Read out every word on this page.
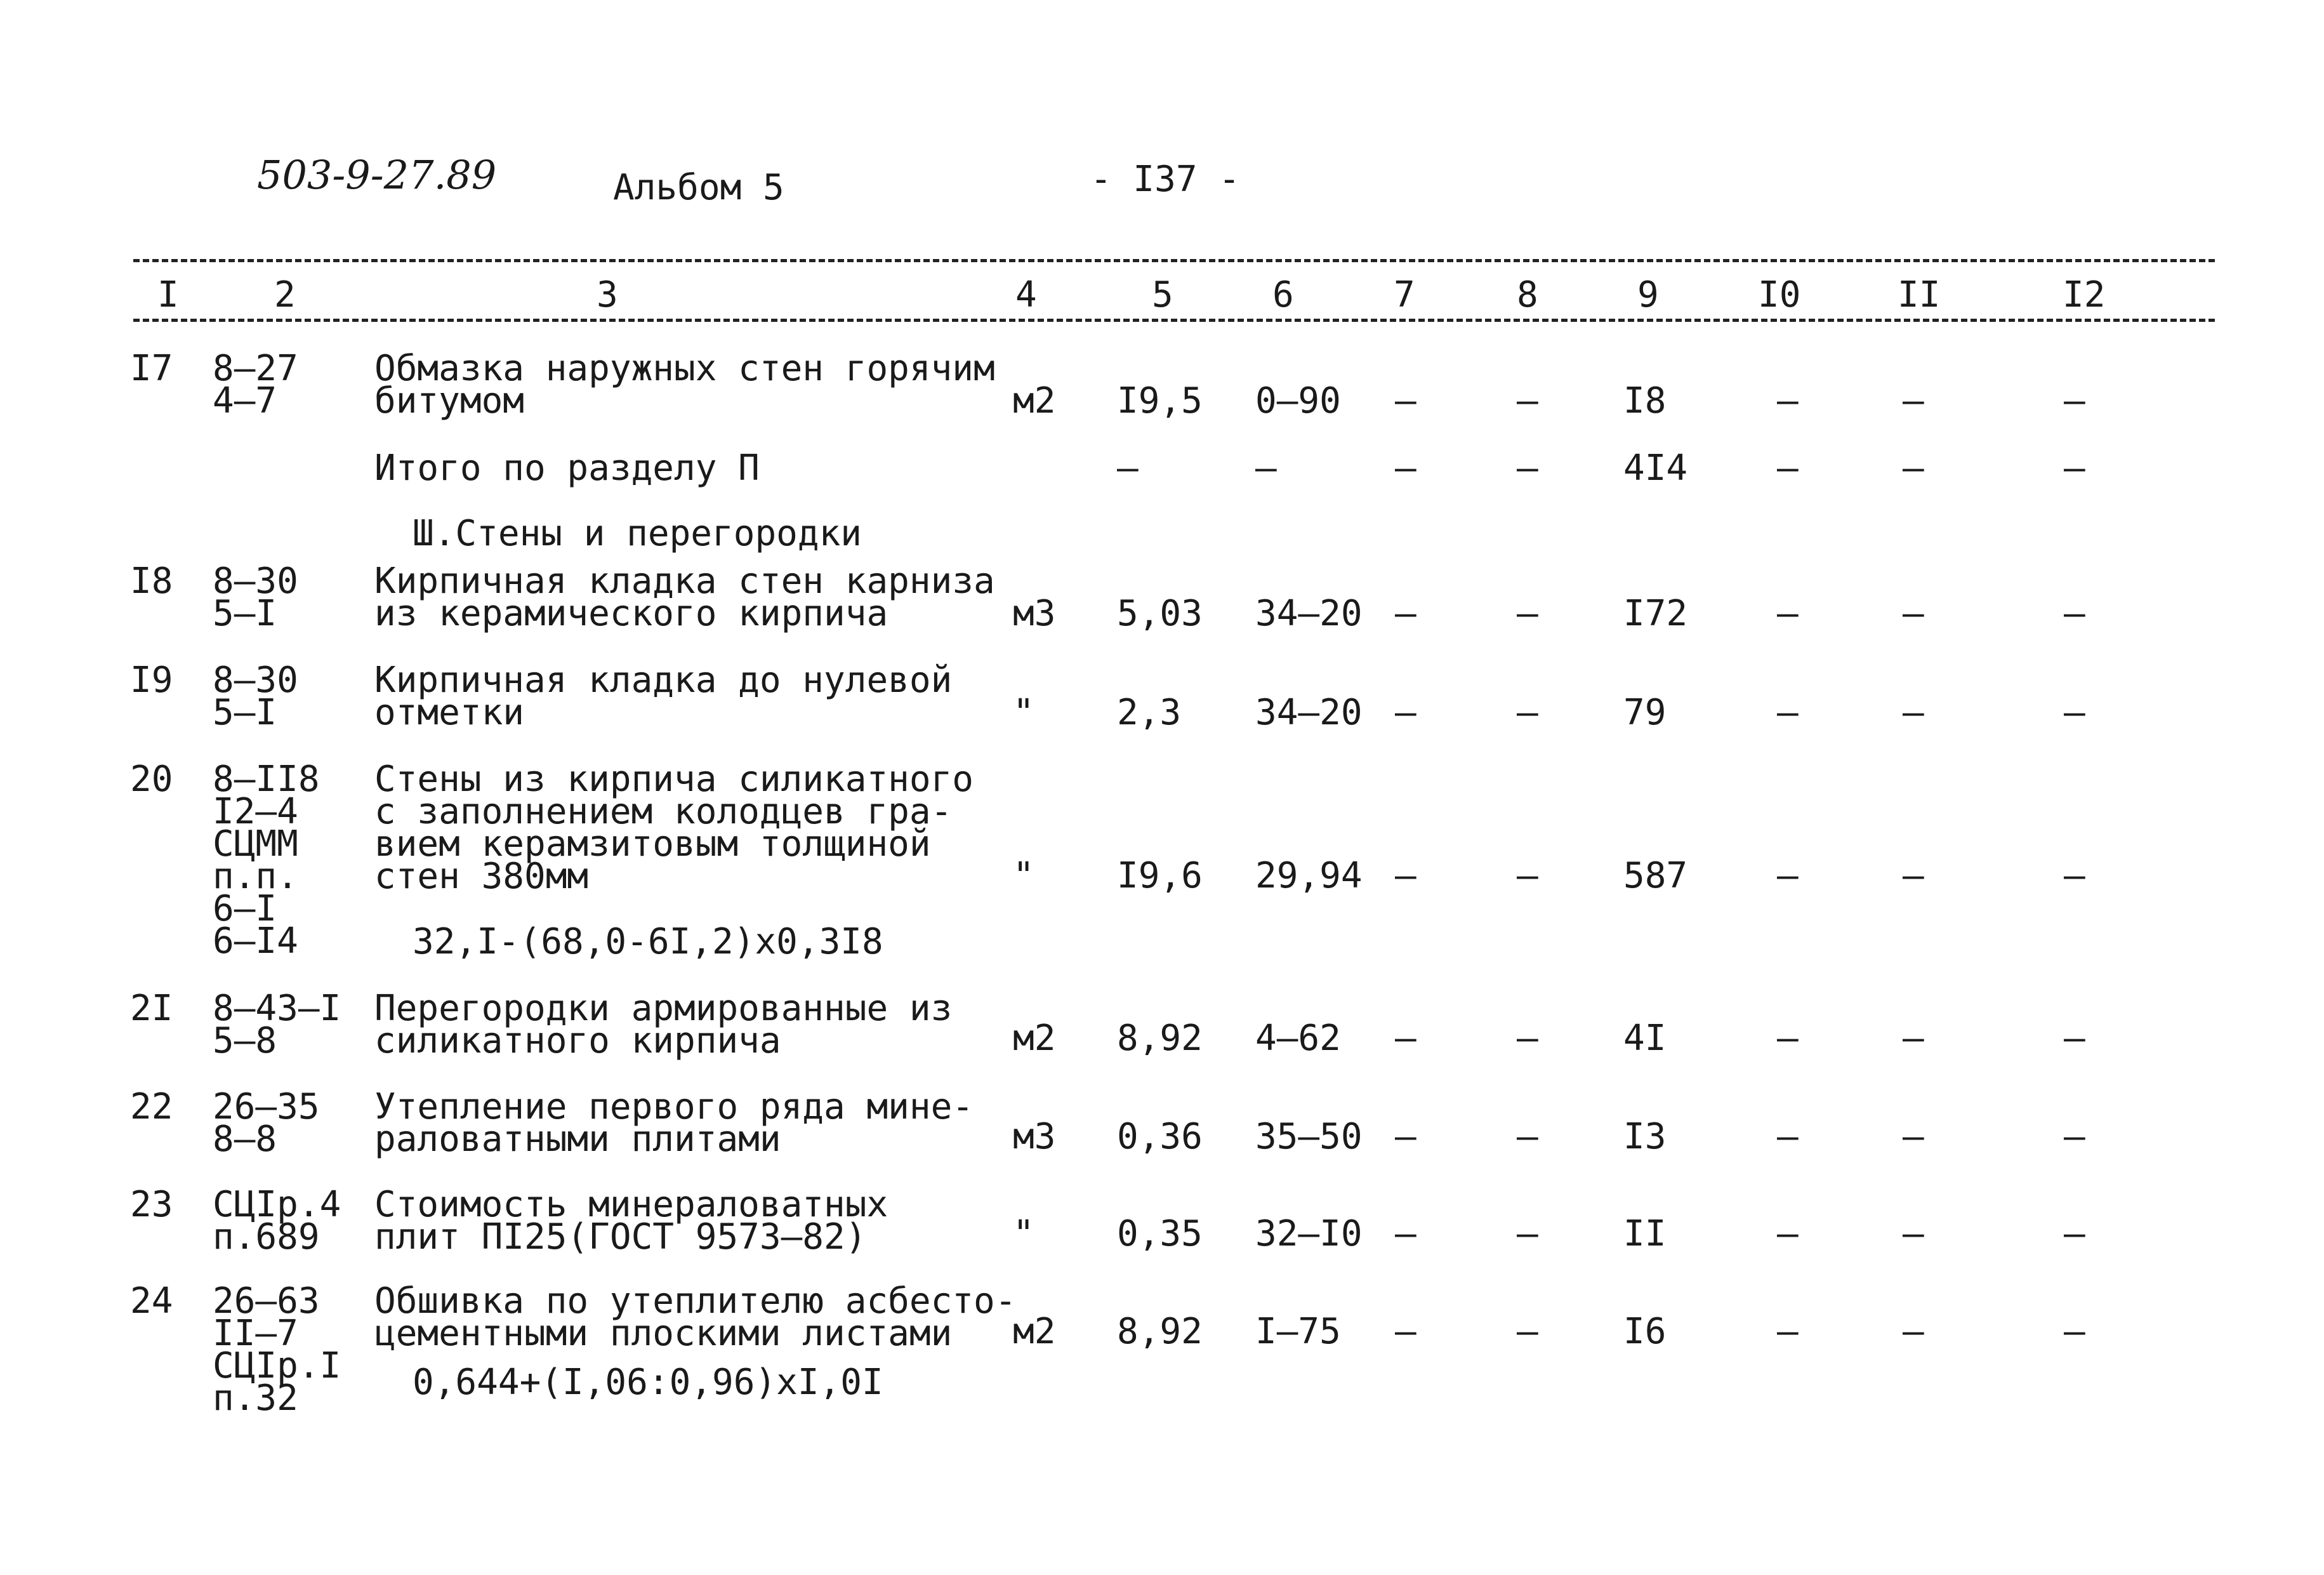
503-9-27.89	Альбом 5	- I37 -
I	2	3	4	5	6	7	8	9	I0	II	I2
I7 8–27
4–7
Обмазка наружных стен горячим
битумом	м2 I9,5 0–90 –	– I8	–	–	–
Итого по разделу П	–	–	–	– 4I4	–	–	–
Ш.Стены и перегородки
I8 8–30
5–I
Кирпичная кладка стен карниза
из керамического кирпича	м3 5,03 34–20 –	– I72	–	–	–
I9 8–30
5–I
Кирпичная кладка до нулевой
отметки	" 2,3 34–20 –	– 79	–	–	–
20 8–II8
I2–4
СЦММ
п.п.
6–I
6–I4
Стены из кирпича силикатного
с заполнением колодцев гра-
вием керамзитовым толщиной
стен 380мм
32,I-(68,0-6I,2)x0,3I8
" I9,6 29,94 –	– 587	–	–	–
2I 8–43–I
5–8
Перегородки армированные из
силикатного кирпича	м2 8,92 4–62 –	– 4I	–	–	–
22 26–35
8–8
Утепление первого ряда мине-
раловатными плитами	м3 0,36 35–50 –	– I3	–	–	–
23 СЦIр.4
п.689
Стоимость минераловатных
плит ПI25(ГОСТ 9573–82)	" 0,35 32–I0 –	– II	–	–	–
24 26–63
II–7
СЦIр.I
п.32
Обшивка по утеплителю асбесто-
цементными плоскими листами
0,644+(I,06:0,96)xI,0I
м2 8,92 I–75 –	– I6	–	–	–
